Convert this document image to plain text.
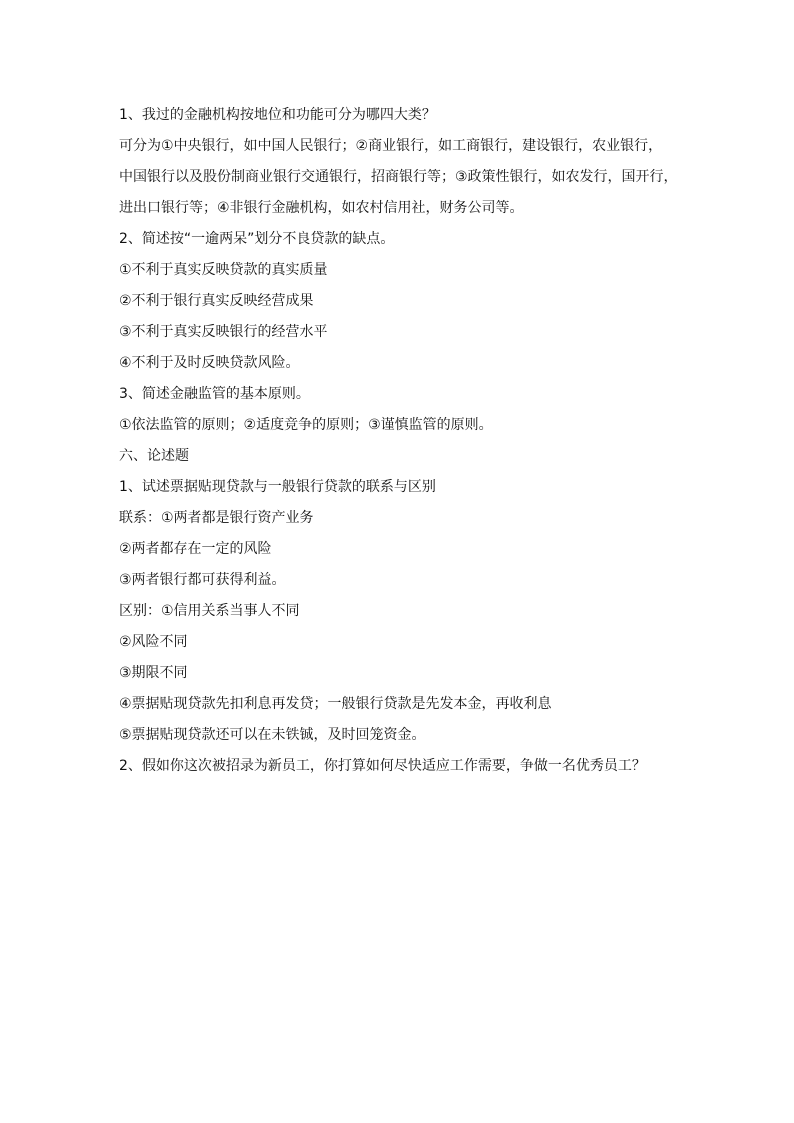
1、我过的金融机构按地位和功能可分为哪四大类？
可分为①中央银行，如中国人民银行；②商业银行，如工商银行，建设银行，农业银行，
中国银行以及股份制商业银行交通银行，招商银行等；③政策性银行，如农发行，国开行，
进出口银行等；④非银行金融机构，如农村信用社，财务公司等。
2、简述按“一逾两呆”划分不良贷款的缺点。
①不利于真实反映贷款的真实质量
②不利于银行真实反映经营成果
③不利于真实反映银行的经营水平
④不利于及时反映贷款风险。
3、简述金融监管的基本原则。
①依法监管的原则；②适度竞争的原则；③谨慎监管的原则。
六、论述题
1、试述票据贴现贷款与一般银行贷款的联系与区别
联系：①两者都是银行资产业务
②两者都存在一定的风险
③两者银行都可获得利益。
区别：①信用关系当事人不同
②风险不同
③期限不同
④票据贴现贷款先扣利息再发贷；一般银行贷款是先发本金，再收利息
⑤票据贴现贷款还可以在未铁铖，及时回笼资金。
2、假如你这次被招录为新员工，你打算如何尽快适应工作需要，争做一名优秀员工？
